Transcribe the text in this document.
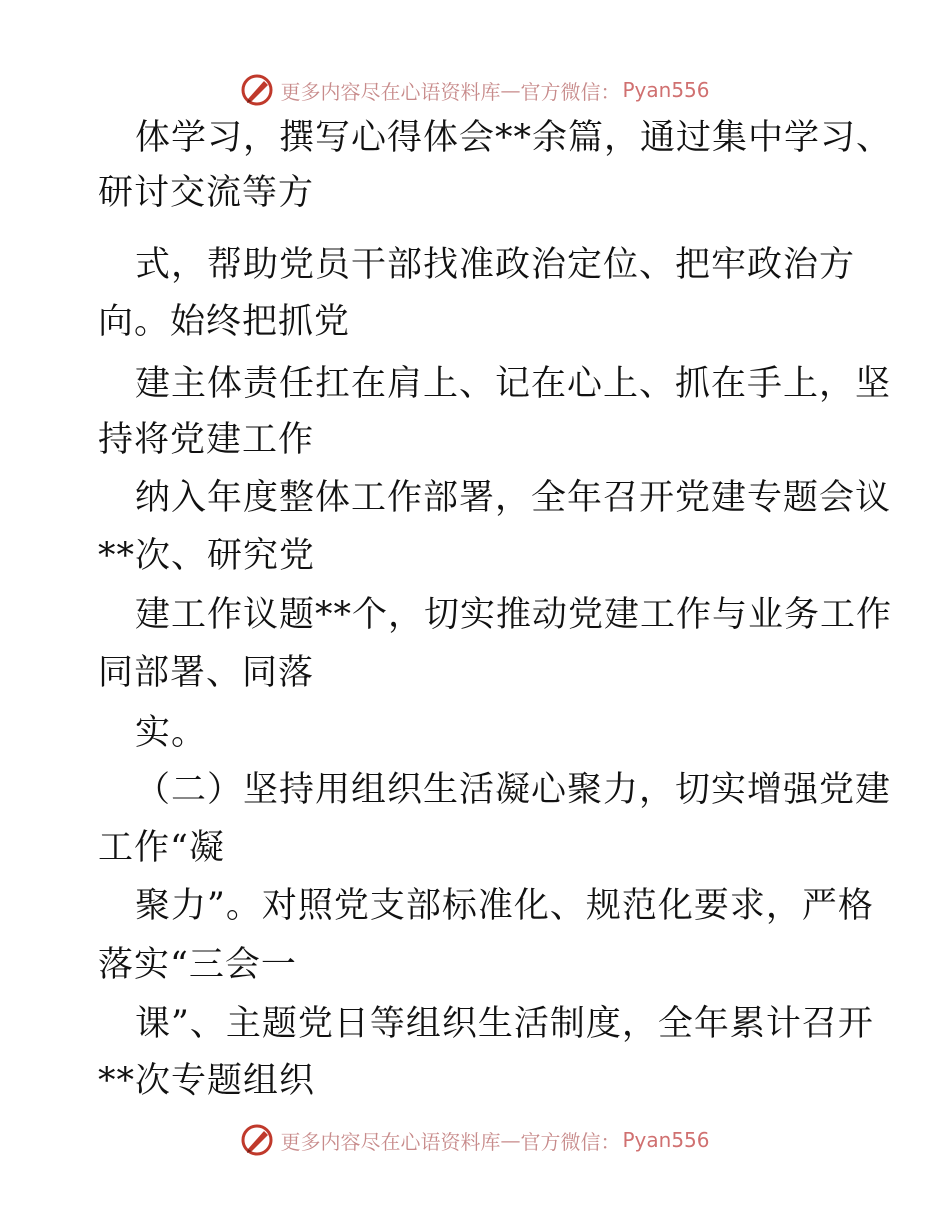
更多内容尽在心语资料库 — 官方微信： Pyan556
体学习，撰写心得体会**余篇，通过集中学习、
研讨交流等方
式，帮助党员干部找准政治定位、把牢政治方
向。始终把抓党
建主体责任扛在肩上、记在心上、抓在手上，坚
持将党建工作
纳入年度整体工作部署，全年召开党建专题会议
**次、研究党
建工作议题**个，切实推动党建工作与业务工作
同部署、同落
实。
（二）坚持用组织生活凝心聚力，切实增强党建
工作“凝
聚力”。对照党支部标准化、规范化要求，严格
落实“三会一
课”、主题党日等组织生活制度，全年累计召开
**次专题组织
更多内容尽在心语资料库 — 官方微信： Pyan556
